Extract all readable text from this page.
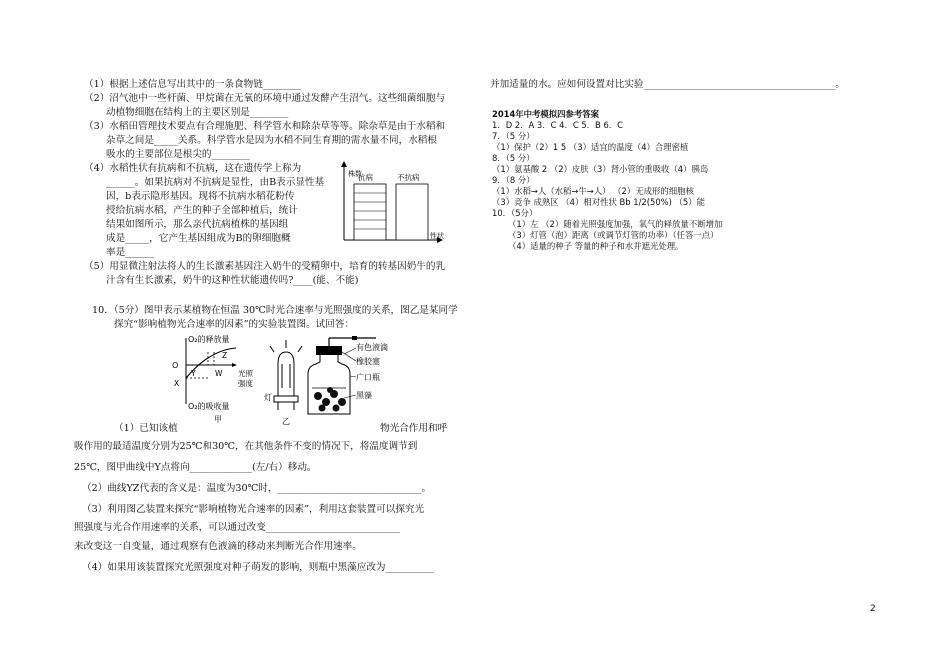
（1）根据上述信息写出其中的一条食物链________
（2）沼气池中一些杆菌、甲烷菌在无氧的环境中通过发酵产生沼气。这些细菌细胞与
动植物细胞在结构上的主要区别是________
（3）水稻田管理技术要点有合理施肥、科学管水和除杂草等等。除杂草是由于水稻和
杂草之间是_____关系。科学管水是因为水稻不同生育期的需水量不同，水稻根
吸水的主要部位是根尖的________
（4）水稻性状有抗病和不抗病，这在遗传学上称为
______。如果抗病对不抗病是显性，由B表示显性基
因，b表示隐形基因。现将不抗病水稻花粉传
授给抗病水稻，产生的种子全部种植后，统计
结果如图所示，那么亲代抗病植株的基因组
成是_____，它产生基因组成为B的卵细胞概
率是______
（5）用显微注射法将人的生长激素基因注入奶牛的受精卵中，培育的转基因奶牛的乳
汁含有生长激素，奶牛的这种性状能遗传吗?____(能、不能)
株数
抗病	不抗病
性状
10．（5分）图甲表示某植物在恒温 30℃时光合速率与光照强度的关系，图乙是某同学
探究“影响植物光合速率的因素”的实验装置图。试回答：
O₂的释放量
O
Z
Y	W
X
光照
强度
O₂的吸收量
甲
灯
有色液滴
橡胶塞
广口瓶
黑藻
乙
（1）已知该植	物光合作用和呼
吸作用的最适温度分别为25℃和30℃，在其他条件不变的情况下，将温度调节到
25℃，图甲曲线中Y点将向_____________(左/右）移动。
（2）曲线YZ代表的含义是：温度为30℃时，______________________________。
（3）利用图乙装置来探究“影响植物光合速率的因素”，利用这套装置可以探究光
照强度与光合作用速率的关系，可以通过改变____________________________
来改变这一自变量，通过观察有色液滴的移动来判断光合作用速率。
（4）如果用该装置探究光照强度对种子萌发的影响，则瓶中黑藻应改为__________
并加适量的水。应如何设置对比实验________________________________________。
2014年中考模拟四参考答案
1．D 2．A 3．C 4．C 5．B 6．C
7．（5 分）
（1）保护（2）1 5 （3）适宜的温度（4）合理密植
8．（5 分）
（1）氨基酸 2 （2）皮肤（3）肾小管的重吸收（4）胰岛
9．（8 分）
（1）水稻→人（水稻→牛→人） （2）无成形的细胞核
（3）竞争 成熟区 （4）相对性状 Bb 1/2(50%) （5）能
10．（5分）
（1）左 （2）随着光照强度加强，氧气的释放量不断增加
（3）灯管（泡）距离（或调节灯管的功率）（任答一点）
（4）适量的种子 等量的种子和水并遮光处理。
2
